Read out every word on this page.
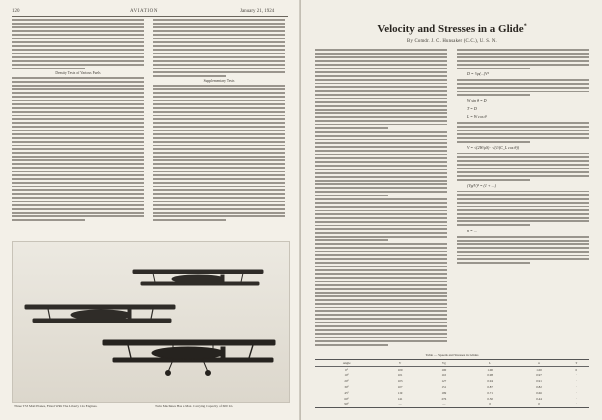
120	AVIATION	January 21, 1924
Density Tests of Various Fuels
Supplementary Tests
Three T33 Mail Planes, Fitted With The Liberty 12a Engines.	Twin Machines Has a Max. Carrying Capacity of 600 Lb.
Velocity and Stresses in a Glide*
By Comdr. J. C. Hunsaker (C.C.), U. S. N.
D = ½ρ(...)V²
W sin θ = D
T = D
L = W cos θ
V = √(2W/ρS) · √(1/(C_L cos θ))
(Vg/V)² = (1 + ...)
n = ...
Table — Speeds and Stresses in Glides
Angle	V	Vg	L	n	T
0°	100	100	1.00	1.00	0
10°	101	110	0.98	0.97	·
20°	103	127	0.94	0.91	·
30°	107	151	0.87	0.82	·
45°	119	199	0.71	0.66	·
60°	141	276	0.50	0.44	·
90°	—	—	0	0	·
